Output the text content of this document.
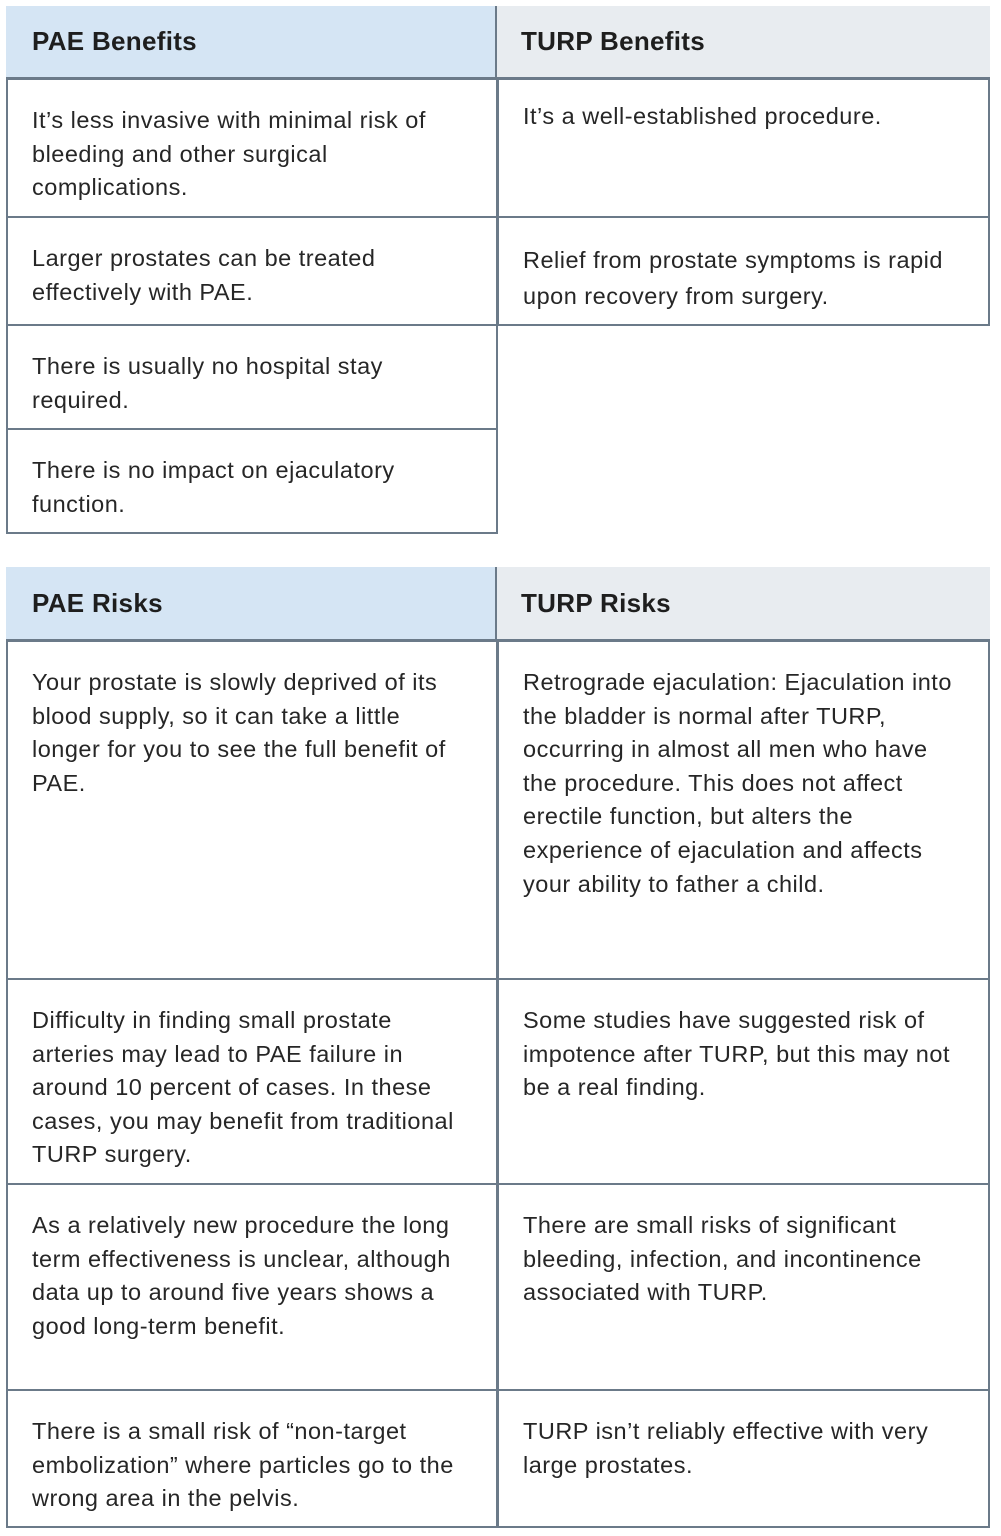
PAE Benefits	TURP Benefits
It’s less invasive with minimal risk of bleeding and other surgical complications.
Larger prostates can be treated effectively with PAE.
There is usually no hospital stay required.
There is no impact on ejaculatory function.
It’s a well-established procedure.
Relief from prostate symptoms is rapid upon recovery from surgery.
PAE Risks	TURP Risks
Your prostate is slowly deprived of its blood supply, so it can take a little longer for you to see the full benefit of PAE.
Difficulty in finding small prostate arteries may lead to PAE failure in around 10 percent of cases. In these cases, you may benefit from traditional TURP surgery.
As a relatively new procedure the long term effectiveness is unclear, although data up to around five years shows a good long-term benefit.
There is a small risk of “non-target embolization” where particles go to the wrong area in the pelvis.
Retrograde ejaculation: Ejaculation into the bladder is normal after TURP, occurring in almost all men who have the procedure. This does not affect erectile function, but alters the experience of ejaculation and affects your ability to father a child.
Some studies have suggested risk of impotence after TURP, but this may not be a real finding.
There are small risks of significant bleeding, infection, and incontinence associated with TURP.
TURP isn’t reliably effective with very large prostates.
